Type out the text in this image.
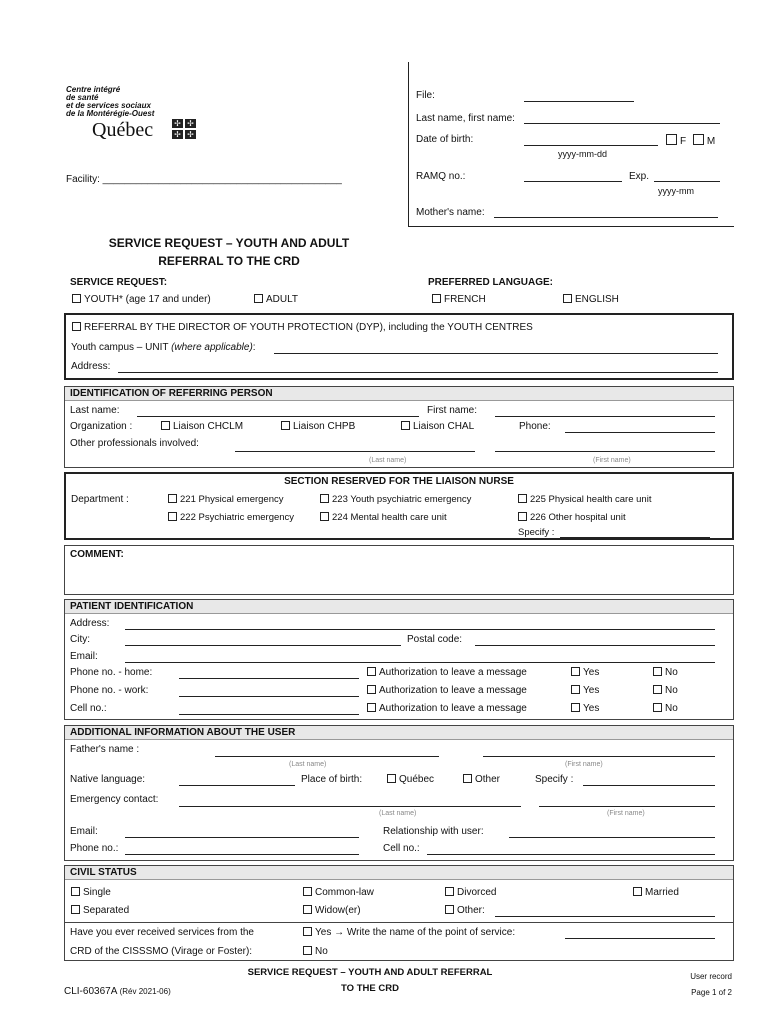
Centre intégré
de santé
et de services sociaux
de la Montérégie-Ouest
Québec	✢ ✢
✢ ✢
Facility: ___________________________________________
File:
Last name, first name:
Date of birth:	F M
yyyy-mm-dd
RAMQ no.:	Exp.
yyyy-mm
Mother's name:
SERVICE REQUEST – YOUTH AND ADULT
REFERRAL TO THE CRD
SERVICE REQUEST:
YOUTH* (age 17 and under)	ADULT
PREFERRED LANGUAGE:
FRENCH	ENGLISH
REFERRAL BY THE DIRECTOR OF YOUTH PROTECTION (DYP), including the YOUTH CENTRES
Youth campus – UNIT (where applicable):
Address:
IDENTIFICATION OF REFERRING PERSON
Last name:	First name:
Organization :	Liaison CHCLM	Liaison CHPB	Liaison CHAL	Phone:
Other professionals involved:
(Last name)	(First name)
SECTION RESERVED FOR THE LIAISON NURSE
Department :	221 Physical emergency	223 Youth psychiatric emergency	225 Physical health care unit
222 Psychiatric emergency	224 Mental health care unit	226 Other hospital unit
Specify :
COMMENT:
PATIENT IDENTIFICATION
Address:
City:	Postal code:
Email:
Phone no. - home:	Authorization to leave a message	Yes	No
Phone no. - work:	Authorization to leave a message	Yes	No
Cell no.:	Authorization to leave a message	Yes	No
ADDITIONAL INFORMATION ABOUT THE USER
Father's name :
(Last name)	(First name)
Native language:	Place of birth:	Québec	Other	Specify :
Emergency contact:
(Last name)	(First name)
Email:	Relationship with user:
Phone no.:	Cell no.:
CIVIL STATUS
Single	Common-law	Divorced	Married
Separated	Widow(er)	Other:
Have you ever received services from the
CRD of the CISSSMO (Virage or Foster):
Yes → Write the name of the point of service:
No
CLI-60367A (Rév 2021-06)
SERVICE REQUEST – YOUTH AND ADULT REFERRAL
TO THE CRD
User record
Page 1 of 2
